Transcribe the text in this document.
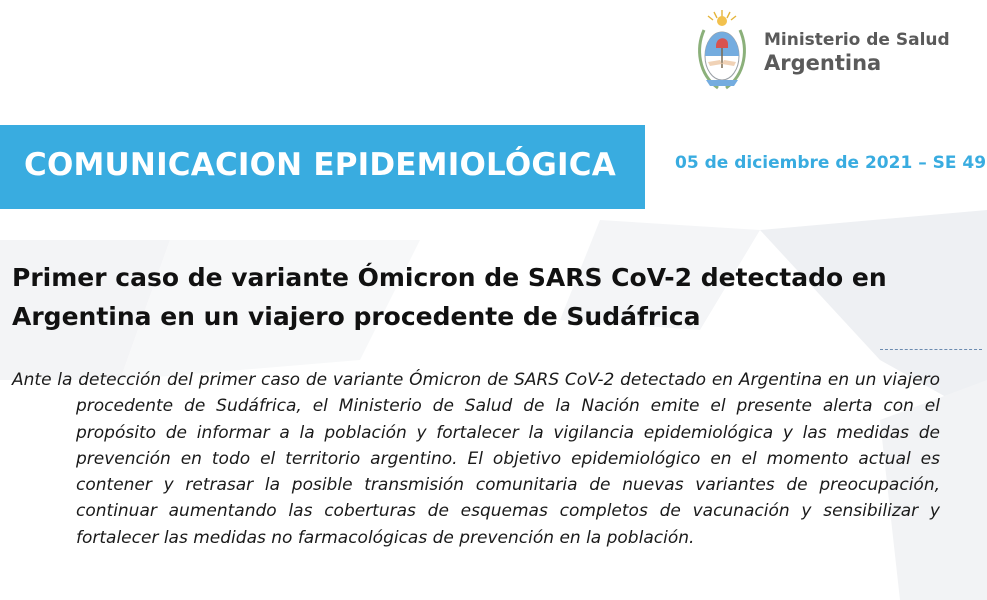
Ministerio de Salud
Argentina
COMUNICACION EPIDEMIOLÓGICA	05 de diciembre de 2021 – SE 49
Primer caso de variante Ómicron de SARS CoV-2 detectado en Argentina en un viajero procedente de Sudáfrica

Ante la detección del primer caso de variante Ómicron de SARS CoV-2 detectado en Argentina en un viajero procedente de Sudáfrica, el Ministerio de Salud de la Nación emite el presente alerta con el propósito de informar a la población y fortalecer la vigilancia epidemiológica y las medidas de prevención en todo el territorio argentino. El objetivo epidemiológico en el momento actual es contener y retrasar la posible transmisión comunitaria de nuevas variantes de preocupación, continuar aumentando las coberturas de esquemas completos de vacunación y sensibilizar y fortalecer las medidas no farmacológicas de prevención en la población.
